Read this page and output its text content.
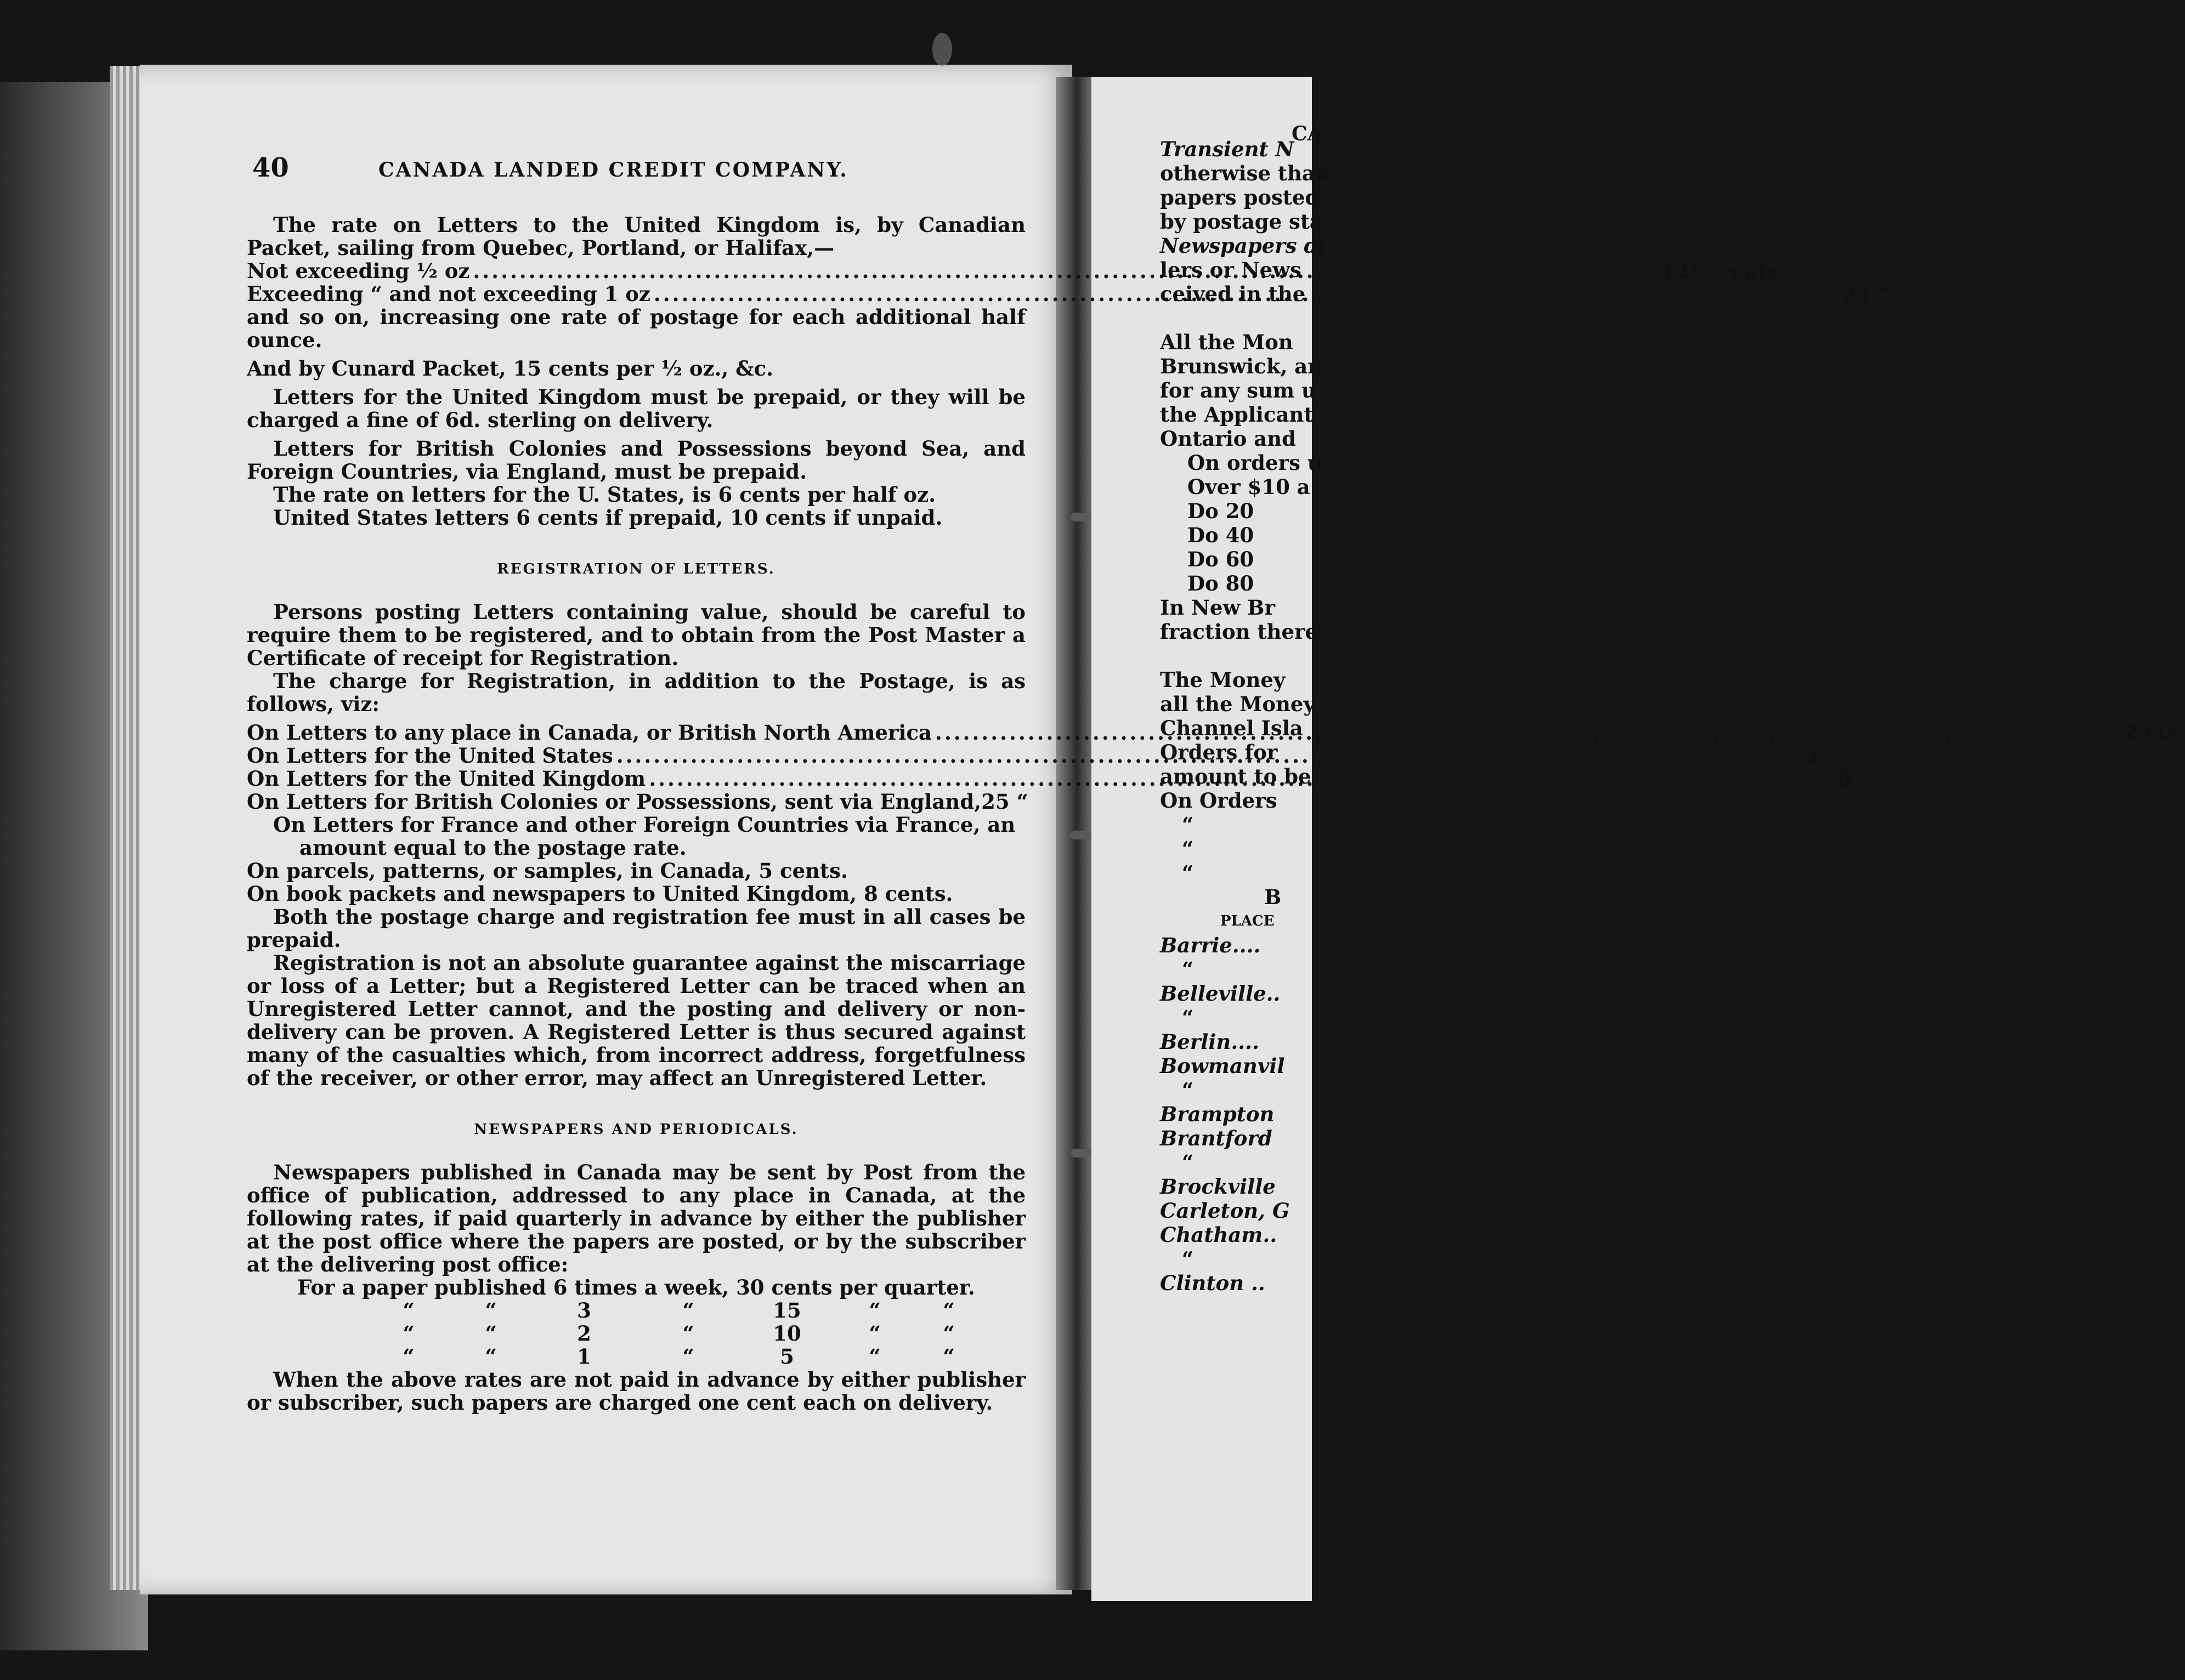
40	CANADA LANDED CREDIT COMPANY.

The rate on Letters to the United Kingdom is, by Canadian Packet, sailing from Quebec, Portland, or Halifax,—

Not exceeding ½ oz .....	12½ cents.
Exceeding “ and not exceeding 1 oz .....	25 “

and so on, increasing one rate of postage for each additional half ounce.

And by Cunard Packet, 15 cents per ½ oz., &c.

Letters for the United Kingdom must be prepaid, or they will be charged a fine of 6d. sterling on delivery.

Letters for British Colonies and Possessions beyond Sea, and Foreign Countries, via England, must be prepaid.

The rate on letters for the U. States, is 6 cents per half oz.

United States letters 6 cents if prepaid, 10 cents if unpaid.

REGISTRATION OF LETTERS.

Persons posting Letters containing value, should be careful to require them to be registered, and to obtain from the Post Master a Certificate of receipt for Registration.

The charge for Registration, in addition to the Postage, is as follows, viz:

On Letters to any place in Canada, or British North America .....	2 cts.
On Letters for the United States .....	5 “
On Letters for the United Kingdom .....	8 “
On Letters for British Colonies or Possessions, sent via England, 25 “

On Letters for France and other Foreign Countries via France, an amount equal to the postage rate.

On parcels, patterns, or samples, in Canada, 5 cents.

On book packets and newspapers to United Kingdom, 8 cents.

Both the postage charge and registration fee must in all cases be prepaid.

Registration is not an absolute guarantee against the miscarriage or loss of a Letter; but a Registered Letter can be traced when an Unregistered Letter cannot, and the posting and delivery or non-delivery can be proven. A Registered Letter is thus secured against many of the casualties which, from incorrect address, forgetfulness of the receiver, or other error, may affect an Unregistered Letter.

NEWSPAPERS AND PERIODICALS.

Newspapers published in Canada may be sent by Post from the office of publication, addressed to any place in Canada, at the following rates, if paid quarterly in advance by either the publisher at the post office where the papers are posted, or by the subscriber at the delivering post office:

For a paper published 6 times a week, 30 cents per quarter.

“	“	3	“	15	“	“
“	“	2	“	10	“	“
“	“	1	“	5	“	“

When the above rates are not paid in advance by either publisher or subscriber, such papers are charged one cent each on delivery.

CA
Transient N
otherwise than
papers posted
by postage sta
Newspapers di
lers or News
ceived in the
All the Mon
Brunswick, an
for any sum u
the Applicant
Ontario and
On orders u
Over $10 a
Do 20
Do 40
Do 60
Do 80
In New Br
fraction there
The Money
all the Money
Channel Isla
Orders for
amount to be
On Orders
“
“
“
B
PLACE
Barrie....
“
Belleville..
“
Berlin....
Bowmanvil
“
Brampton
Brantford
“
Brockville
Carleton, G
Chatham..
“
Clinton ..
